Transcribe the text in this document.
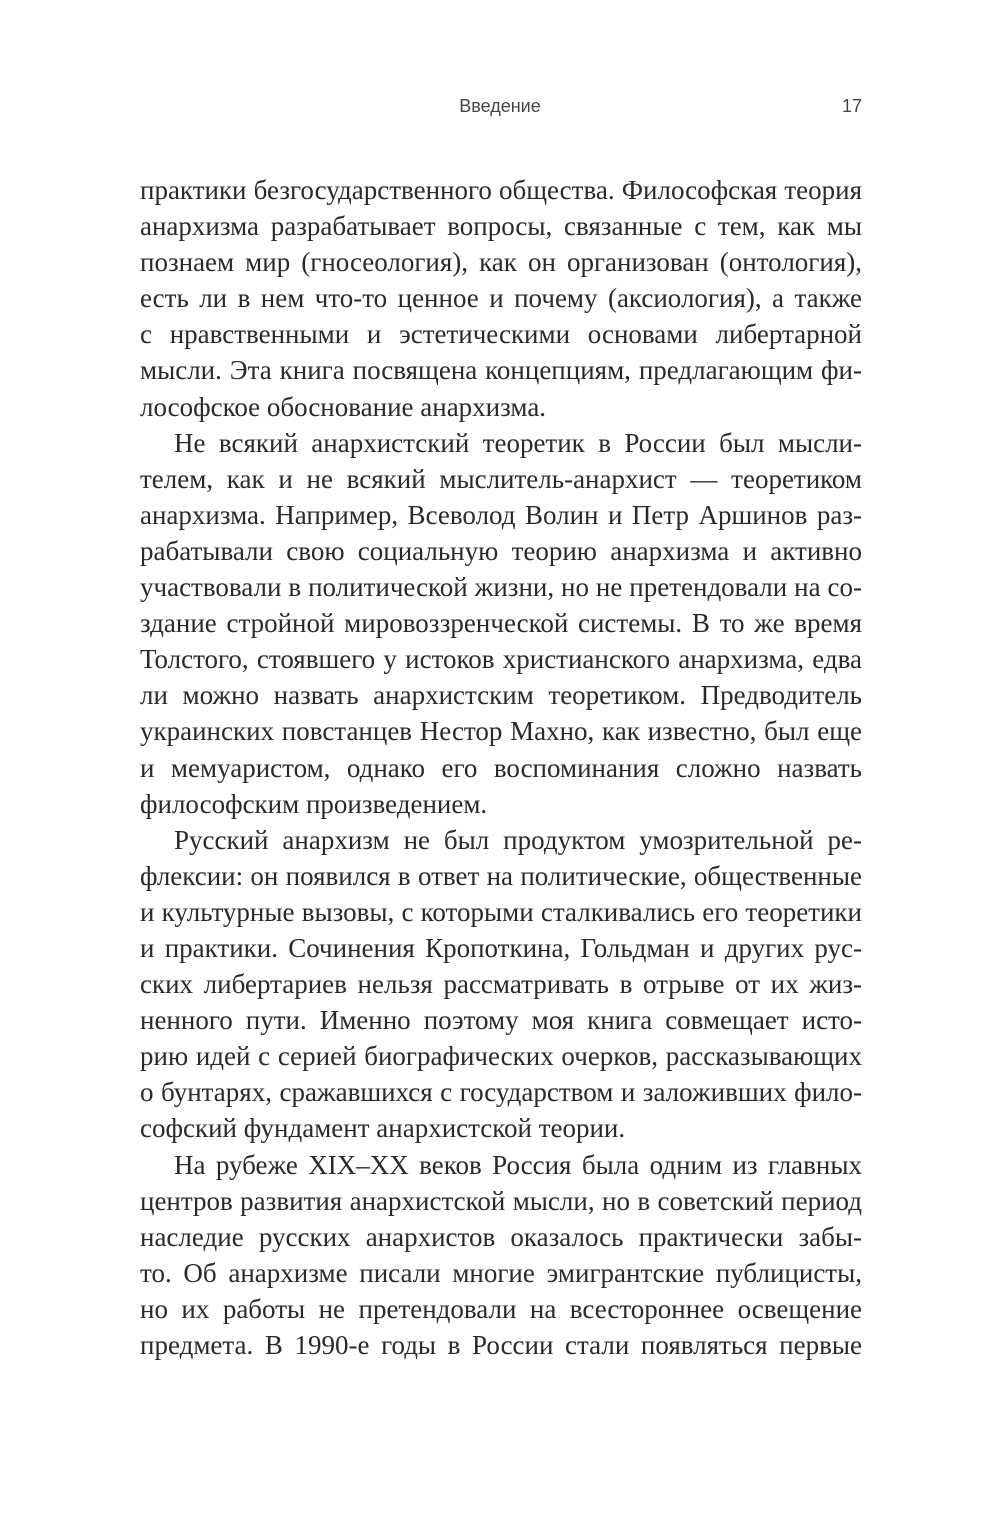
Введение	17
практики безгосударственного общества. Философская теория
анархизма разрабатывает вопросы, связанные с тем, как мы
познаем мир (гносеология), как он организован (онтология),
есть ли в нем что-то ценное и почему (аксиология), а также
с нравственными и эстетическими основами либертарной
мысли. Эта книга посвящена концепциям, предлагающим фи-
лософское обоснование анархизма.
Не всякий анархистский теоретик в России был мысли-
телем, как и не всякий мыслитель-анархист — теоретиком
анархизма. Например, Всеволод Волин и Петр Аршинов раз-
рабатывали свою социальную теорию анархизма и активно
участвовали в политической жизни, но не претендовали на со-
здание стройной мировоззренческой системы. В то же время
Толстого, стоявшего у истоков христианского анархизма, едва
ли можно назвать анархистским теоретиком. Предводитель
украинских повстанцев Нестор Махно, как известно, был еще
и мемуаристом, однако его воспоминания сложно назвать
философским произведением.
Русский анархизм не был продуктом умозрительной ре-
флексии: он появился в ответ на политические, общественные
и культурные вызовы, с которыми сталкивались его теоретики
и практики. Сочинения Кропоткина, Гольдман и других рус-
ских либертариев нельзя рассматривать в отрыве от их жиз-
ненного пути. Именно поэтому моя книга совмещает исто-
рию идей с серией биографических очерков, рассказывающих
о бунтарях, сражавшихся с государством и заложивших фило-
софский фундамент анархистской теории.
На рубеже XIX–XX веков Россия была одним из главных
центров развития анархистской мысли, но в советский период
наследие русских анархистов оказалось практически забы-
то. Об анархизме писали многие эмигрантские публицисты,
но их работы не претендовали на всестороннее освещение
предмета. В 1990-е годы в России стали появляться первые
